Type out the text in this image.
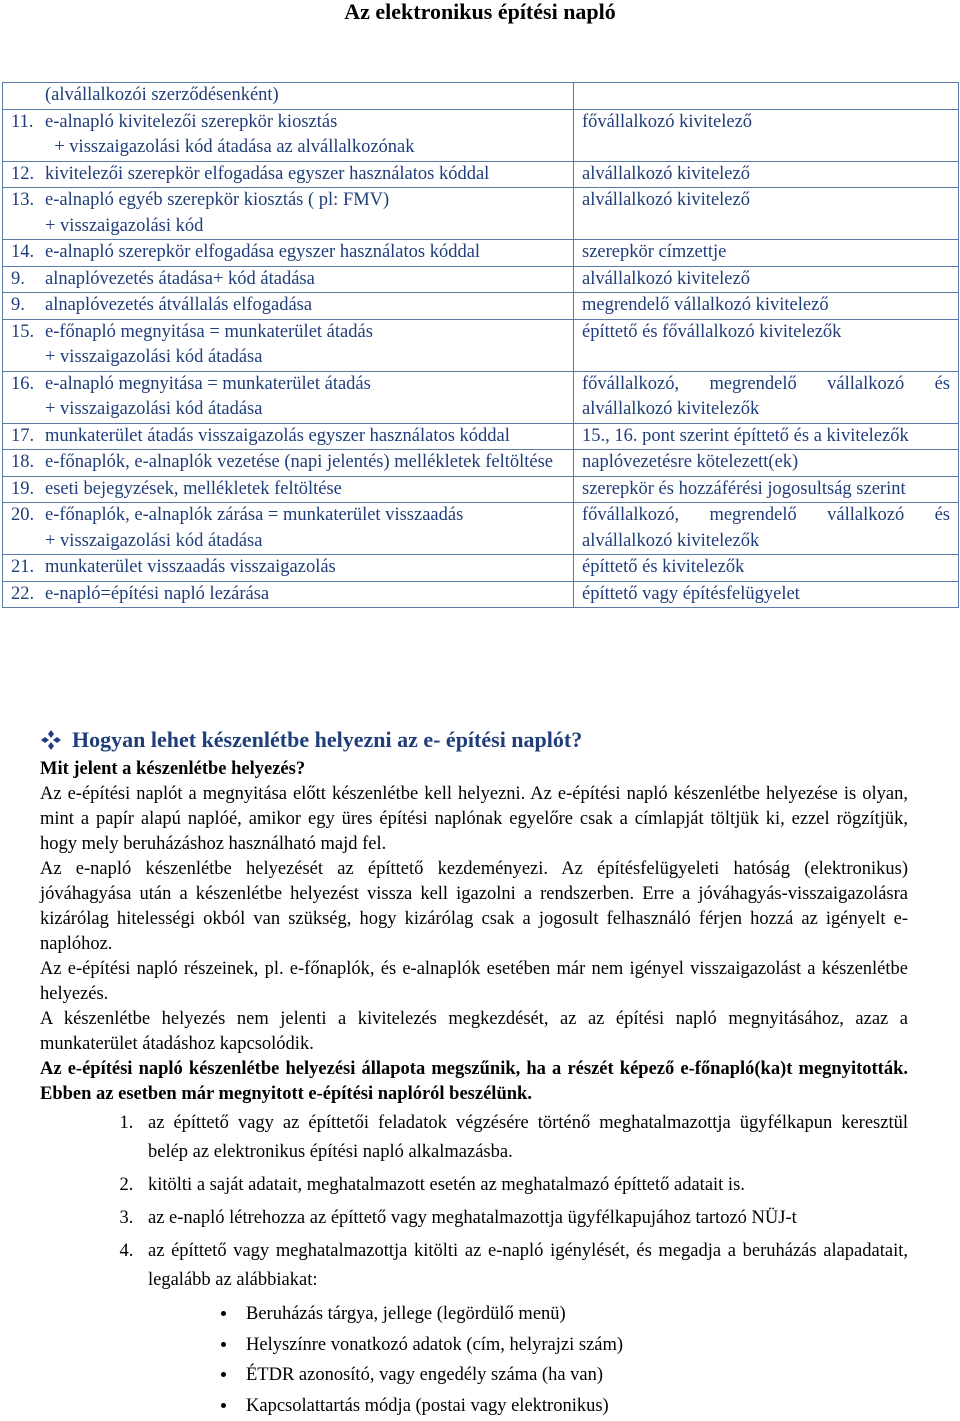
Az elektronikus építési napló

	(alvállalkozói szerződésenként)	

11.	e-alnapló kivitelezői szerepkör kiosztás
+ visszaigazolási kód átadása az alvállalkozónak	fővállalkozó kivitelező
12.	kivitelezői szerepkör elfogadása egyszer használatos kóddal	alvállalkozó kivitelező
13.	e-alnapló egyéb szerepkör kiosztás ( pl: FMV)
+ visszaigazolási kód	alvállalkozó kivitelező
14.	e-alnapló szerepkör elfogadása egyszer használatos kóddal	szerepkör címzettje
9.	alnaplóvezetés átadása+ kód átadása	alvállalkozó kivitelező
9.	alnaplóvezetés átvállalás elfogadása	megrendelő vállalkozó kivitelező
15.	e-főnapló megnyitása = munkaterület átadás
+ visszaigazolási kód átadása	építtető és fővállalkozó kivitelezők
16.	e-alnapló megnyitása = munkaterület átadás
+ visszaigazolási kód átadása	fővállalkozó, megrendelő vállalkozó és alvállalkozó kivitelezők
17.	munkaterület átadás visszaigazolás egyszer használatos kóddal	15., 16. pont szerint építtető és a kivitelezők
18.	e-főnaplók, e-alnaplók vezetése (napi jelentés) mellékletek feltöltése	naplóvezetésre kötelezett(ek)
19.	eseti bejegyzések, mellékletek feltöltése	szerepkör és hozzáférési jogosultság szerint
20.	e-főnaplók, e-alnaplók zárása = munkaterület visszaadás
+ visszaigazolási kód átadása	fővállalkozó, megrendelő vállalkozó és alvállalkozó kivitelezők
21.	munkaterület visszaadás visszaigazolás	építtető és kivitelezők
22.	e-napló=építési napló lezárása	építtető vagy építésfelügyelet
Hogyan lehet készenlétbe helyezni az e- építési naplót?

Mit jelent a készenlétbe helyezés?

Az e-építési naplót a megnyitása előtt készenlétbe kell helyezni. Az e-építési napló készenlétbe helyezése is olyan, mint a papír alapú naplóé, amikor egy üres építési naplónak egyelőre csak a címlapját töltjük ki, ezzel rögzítjük, hogy mely beruházáshoz használható majd fel.

Az e-napló készenlétbe helyezését az építtető kezdeményezi. Az építésfelügyeleti hatóság (elektronikus) jóváhagyása után a készenlétbe helyezést vissza kell igazolni a rendszerben. Erre a jóváhagyás-visszaigazolásra kizárólag hitelességi okból van szükség, hogy kizárólag csak a jogosult felhasználó férjen hozzá az igényelt e-naplóhoz.

Az e-építési napló részeinek, pl. e-főnaplók, és e-alnaplók esetében már nem igényel visszaigazolást a készenlétbe helyezés.

A készenlétbe helyezés nem jelenti a kivitelezés megkezdését, az az építési napló megnyitásához, azaz a munkaterület átadáshoz kapcsolódik.

Az e-építési napló készenlétbe helyezési állapota megszűnik, ha a részét képező e-főnapló(ka)t megnyitották. Ebben az esetben már megnyitott e-építési naplóról beszélünk.

1. az építtető vagy az építtetői feladatok végzésére történő meghatalmazottja ügyfélkapun keresztül belép az elektronikus építési napló alkalmazásba.
2. kitölti a saját adatait, meghatalmazott esetén az meghatalmazó építtető adatait is.
3. az e-napló létrehozza az építtető vagy meghatalmazottja ügyfélkapujához tartozó NÜJ-t
4. az építtető vagy meghatalmazottja kitölti az e-napló igénylését, és megadja a beruházás alapadatait, legalább az alábbiakat:
• Beruházás tárgya, jellege (legördülő menü)
• Helyszínre vonatkozó adatok (cím, helyrajzi szám)
• ÉTDR azonosító, vagy engedély száma (ha van)
• Kapcsolattartás módja (postai vagy elektronikus)
